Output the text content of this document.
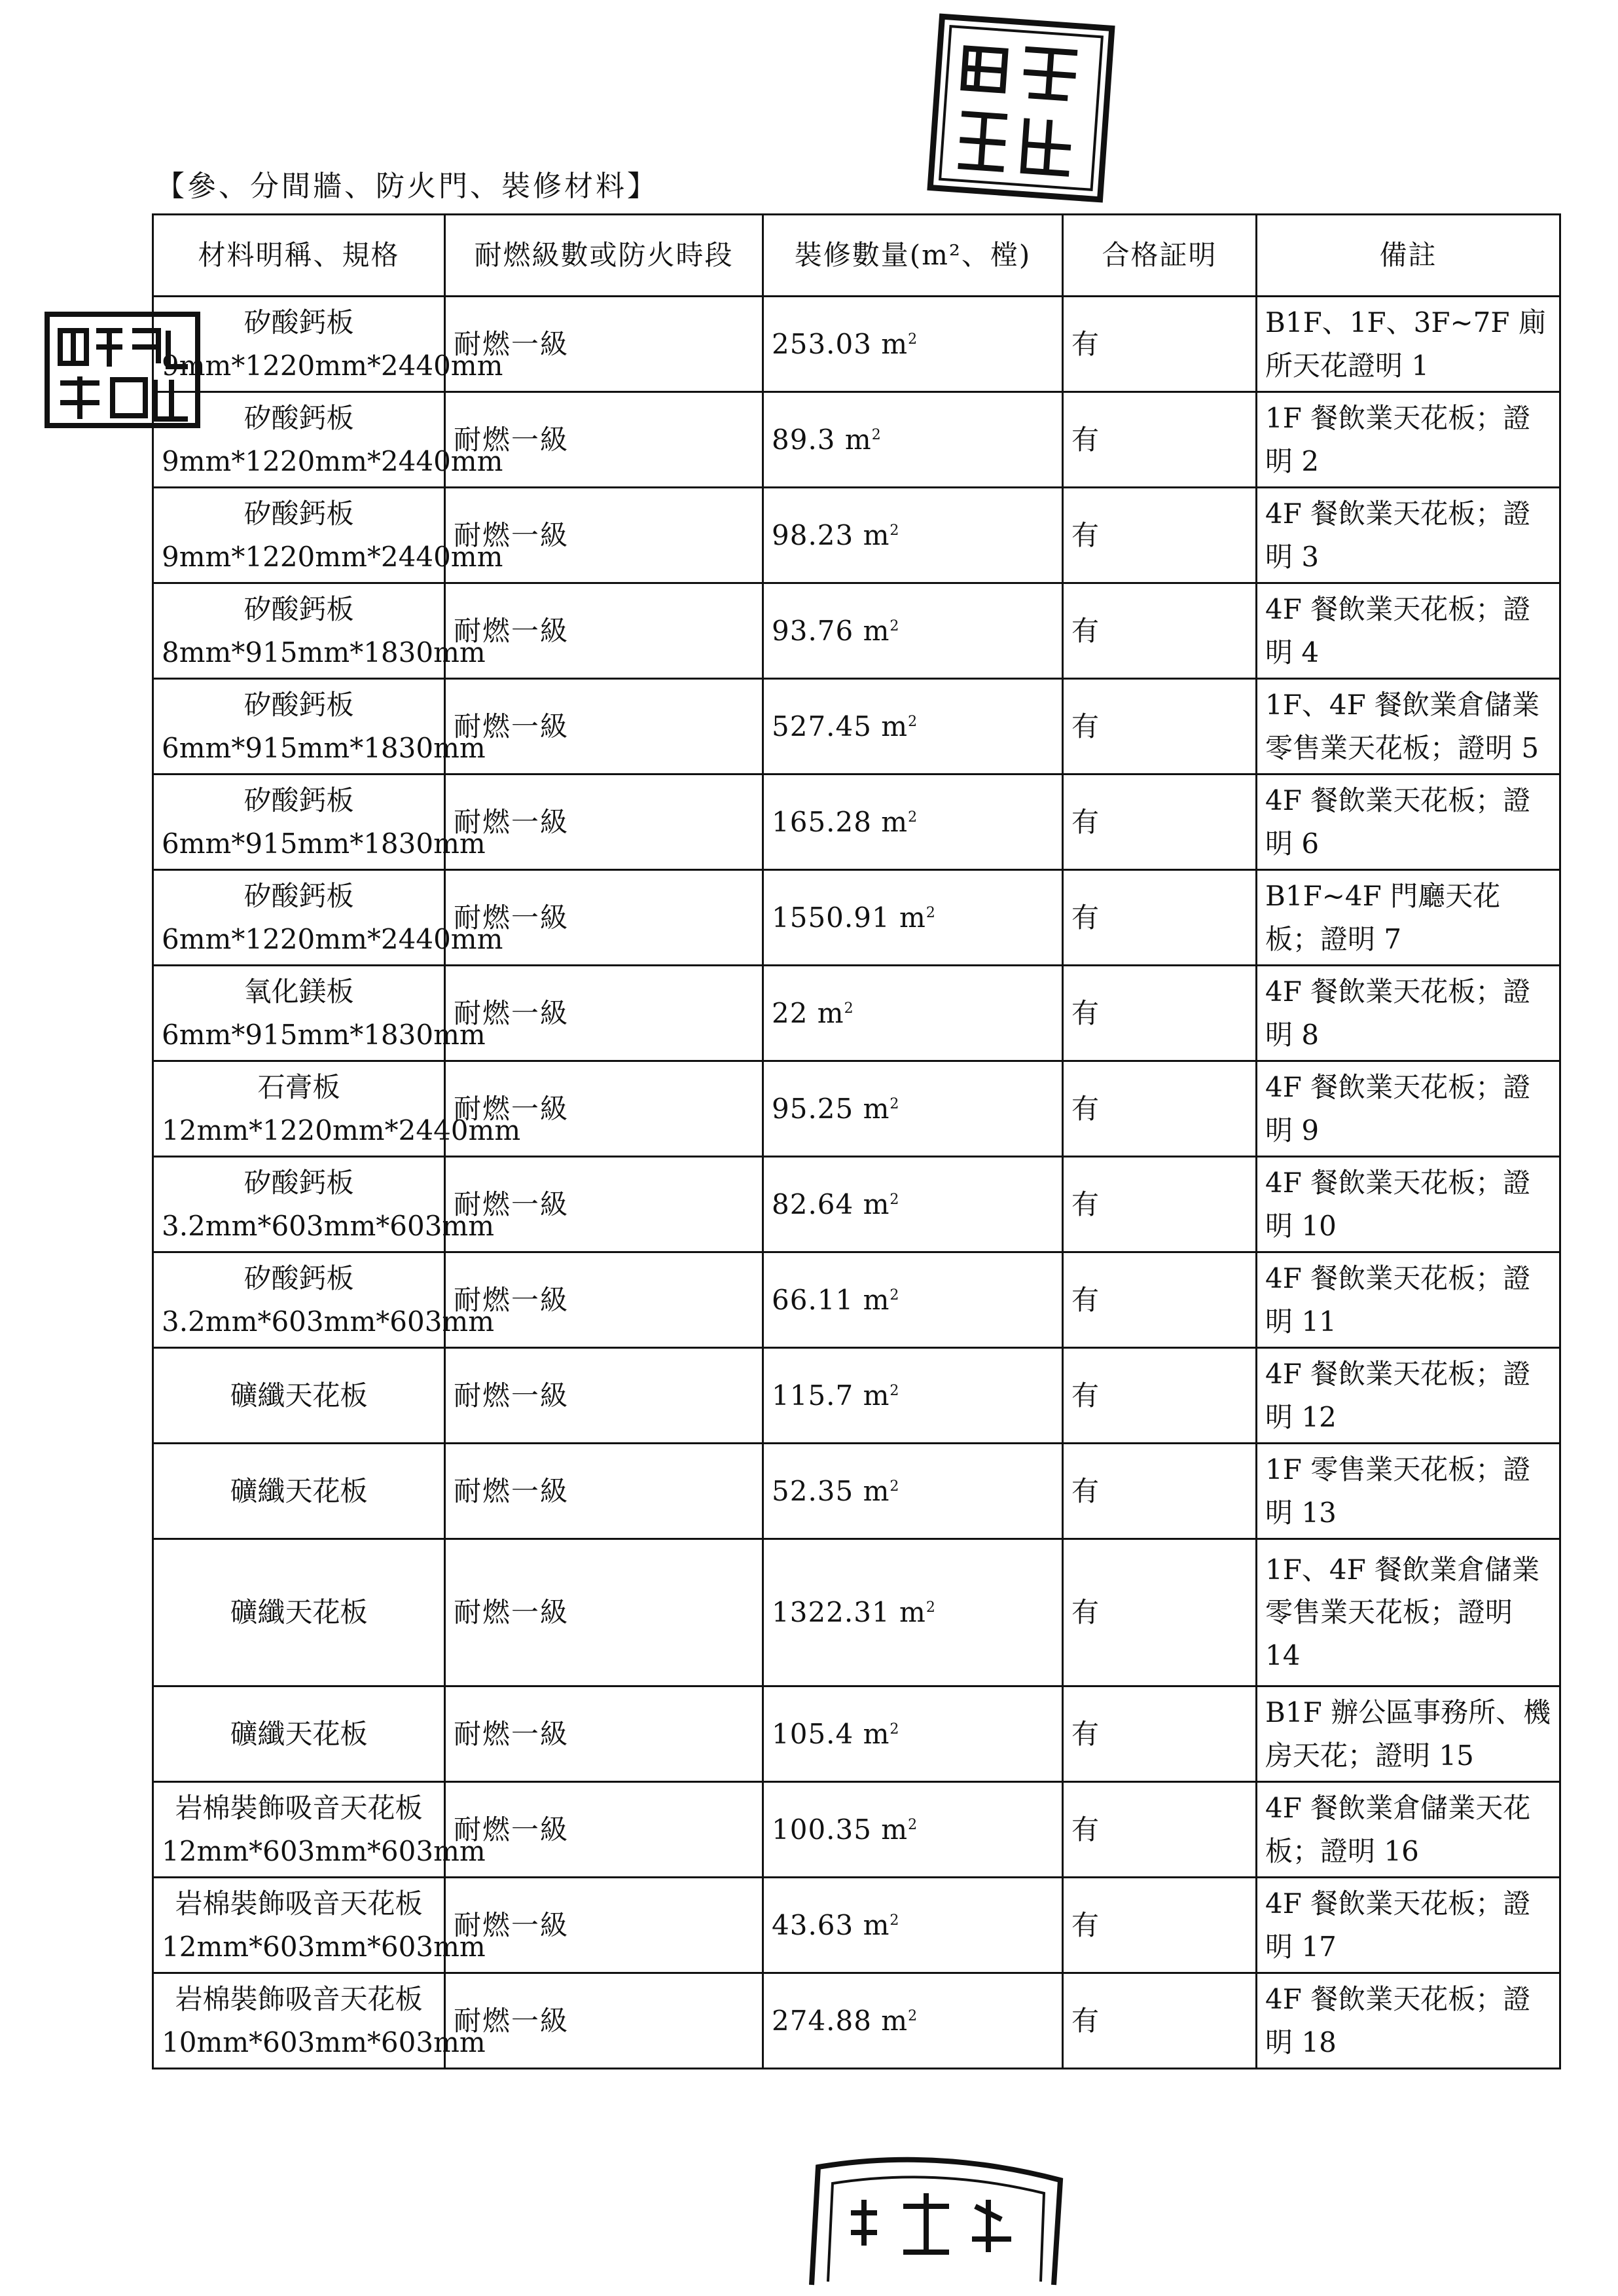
【參、分間牆、防火門、裝修材料】
材料明稱、規格	耐燃級數或防火時段	裝修數量(m²、樘)	合格証明	備註

矽酸鈣板
9mm*1220mm*2440mm	耐燃一級	253.03 $m^2$	有	B1F、1F、3F~7F 廁所天花證明 1

矽酸鈣板
9mm*1220mm*2440mm	耐燃一級	89.3 $m^2$	有	1F 餐飲業天花板；證明 2

矽酸鈣板
9mm*1220mm*2440mm	耐燃一級	98.23 $m^2$	有	4F 餐飲業天花板；證明 3

矽酸鈣板
8mm*915mm*1830mm	耐燃一級	93.76 $m^2$	有	4F 餐飲業天花板；證明 4

矽酸鈣板
6mm*915mm*1830mm	耐燃一級	527.45 $m^2$	有	1F、4F 餐飲業倉儲業零售業天花板；證明 5

矽酸鈣板
6mm*915mm*1830mm	耐燃一級	165.28 $m^2$	有	4F 餐飲業天花板；證明 6

矽酸鈣板
6mm*1220mm*2440mm	耐燃一級	1550.91 $m^2$	有	B1F~4F 門廳天花板；證明 7

氧化鎂板
6mm*915mm*1830mm	耐燃一級	22 $m^2$	有	4F 餐飲業天花板；證明 8

石膏板
12mm*1220mm*2440mm	耐燃一級	95.25 $m^2$	有	4F 餐飲業天花板；證明 9

矽酸鈣板
3.2mm*603mm*603mm	耐燃一級	82.64 $m^2$	有	4F 餐飲業天花板；證明 10

矽酸鈣板
3.2mm*603mm*603mm	耐燃一級	66.11 $m^2$	有	4F 餐飲業天花板；證明 11

礦纖天花板	耐燃一級	115.7 $m^2$	有	4F 餐飲業天花板；證明 12

礦纖天花板	耐燃一級	52.35 $m^2$	有	1F 零售業天花板；證明 13

礦纖天花板	耐燃一級	1322.31 $m^2$	有	1F、4F 餐飲業倉儲業零售業天花板；證明 14

礦纖天花板	耐燃一級	105.4 $m^2$	有	B1F 辦公區事務所、機房天花；證明 15

岩棉裝飾吸音天花板
12mm*603mm*603mm	耐燃一級	100.35 $m^2$	有	4F 餐飲業倉儲業天花板；證明 16

岩棉裝飾吸音天花板
12mm*603mm*603mm	耐燃一級	43.63 $m^2$	有	4F 餐飲業天花板；證明 17

岩棉裝飾吸音天花板
10mm*603mm*603mm	耐燃一級	274.88 $m^2$	有	4F 餐飲業天花板；證明 18
